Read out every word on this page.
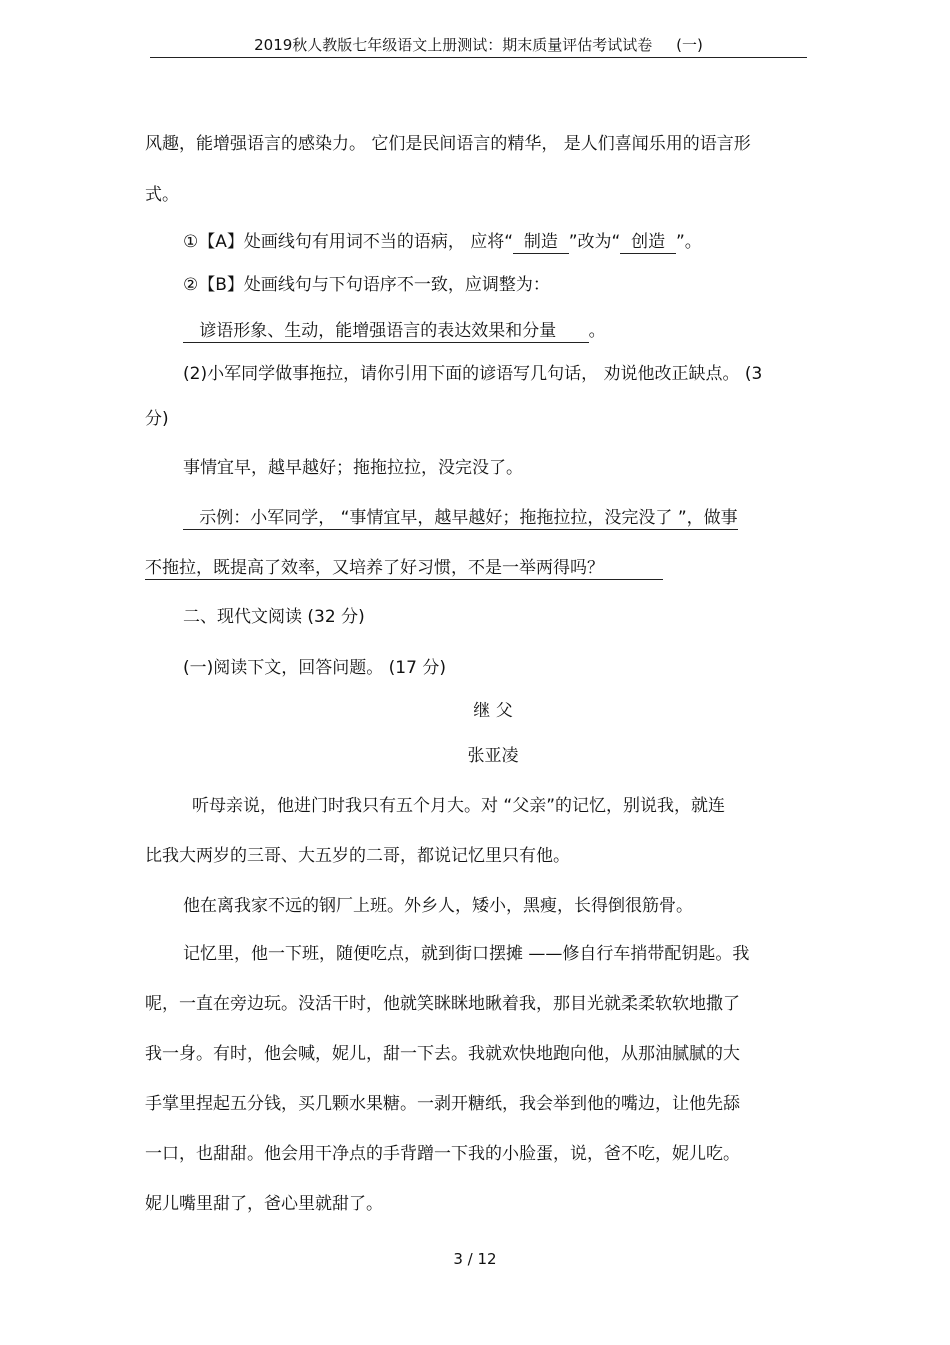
2019秋人教版七年级语文上册测试：期末质量评估考试试卷 (一)
风趣，能增强语言的感染力。 它们是民间语言的精华， 是人们喜闻乐用的语言形
式。
①【A】处画线句有用词不当的语病， 应将“ 制造 ”改为“ 创造 ”。
②【B】处画线句与下句语序不一致，应调整为：
谚语形象、生动，能增强语言的表达效果和分量 。
(2)小军同学做事拖拉，请你引用下面的谚语写几句话， 劝说他改正缺点。 (3
分)
事情宜早，越早越好；拖拖拉拉，没完没了。
示例：小军同学， “事情宜早，越早越好；拖拖拉拉，没完没了 ”，做事
不拖拉，既提高了效率，又培养了好习惯，不是一举两得吗？
二、现代文阅读 (32 分)
(一)阅读下文，回答问题。 (17 分)
继 父
张亚凌
听母亲说，他进门时我只有五个月大。对 “父亲”的记忆，别说我，就连
比我大两岁的三哥、大五岁的二哥，都说记忆里只有他。
他在离我家不远的钢厂上班。外乡人，矮小，黑瘦，长得倒很筋骨。
记忆里，他一下班，随便吃点，就到街口摆摊 ——修自行车捎带配钥匙。我
呢，一直在旁边玩。没活干时，他就笑眯眯地瞅着我，那目光就柔柔软软地撒了
我一身。有时，他会喊，妮儿，甜一下去。我就欢快地跑向他，从那油腻腻的大
手掌里捏起五分钱，买几颗水果糖。一剥开糖纸，我会举到他的嘴边，让他先舔
一口，也甜甜。他会用干净点的手背蹭一下我的小脸蛋，说，爸不吃，妮儿吃。
妮儿嘴里甜了，爸心里就甜了。
3 / 12
